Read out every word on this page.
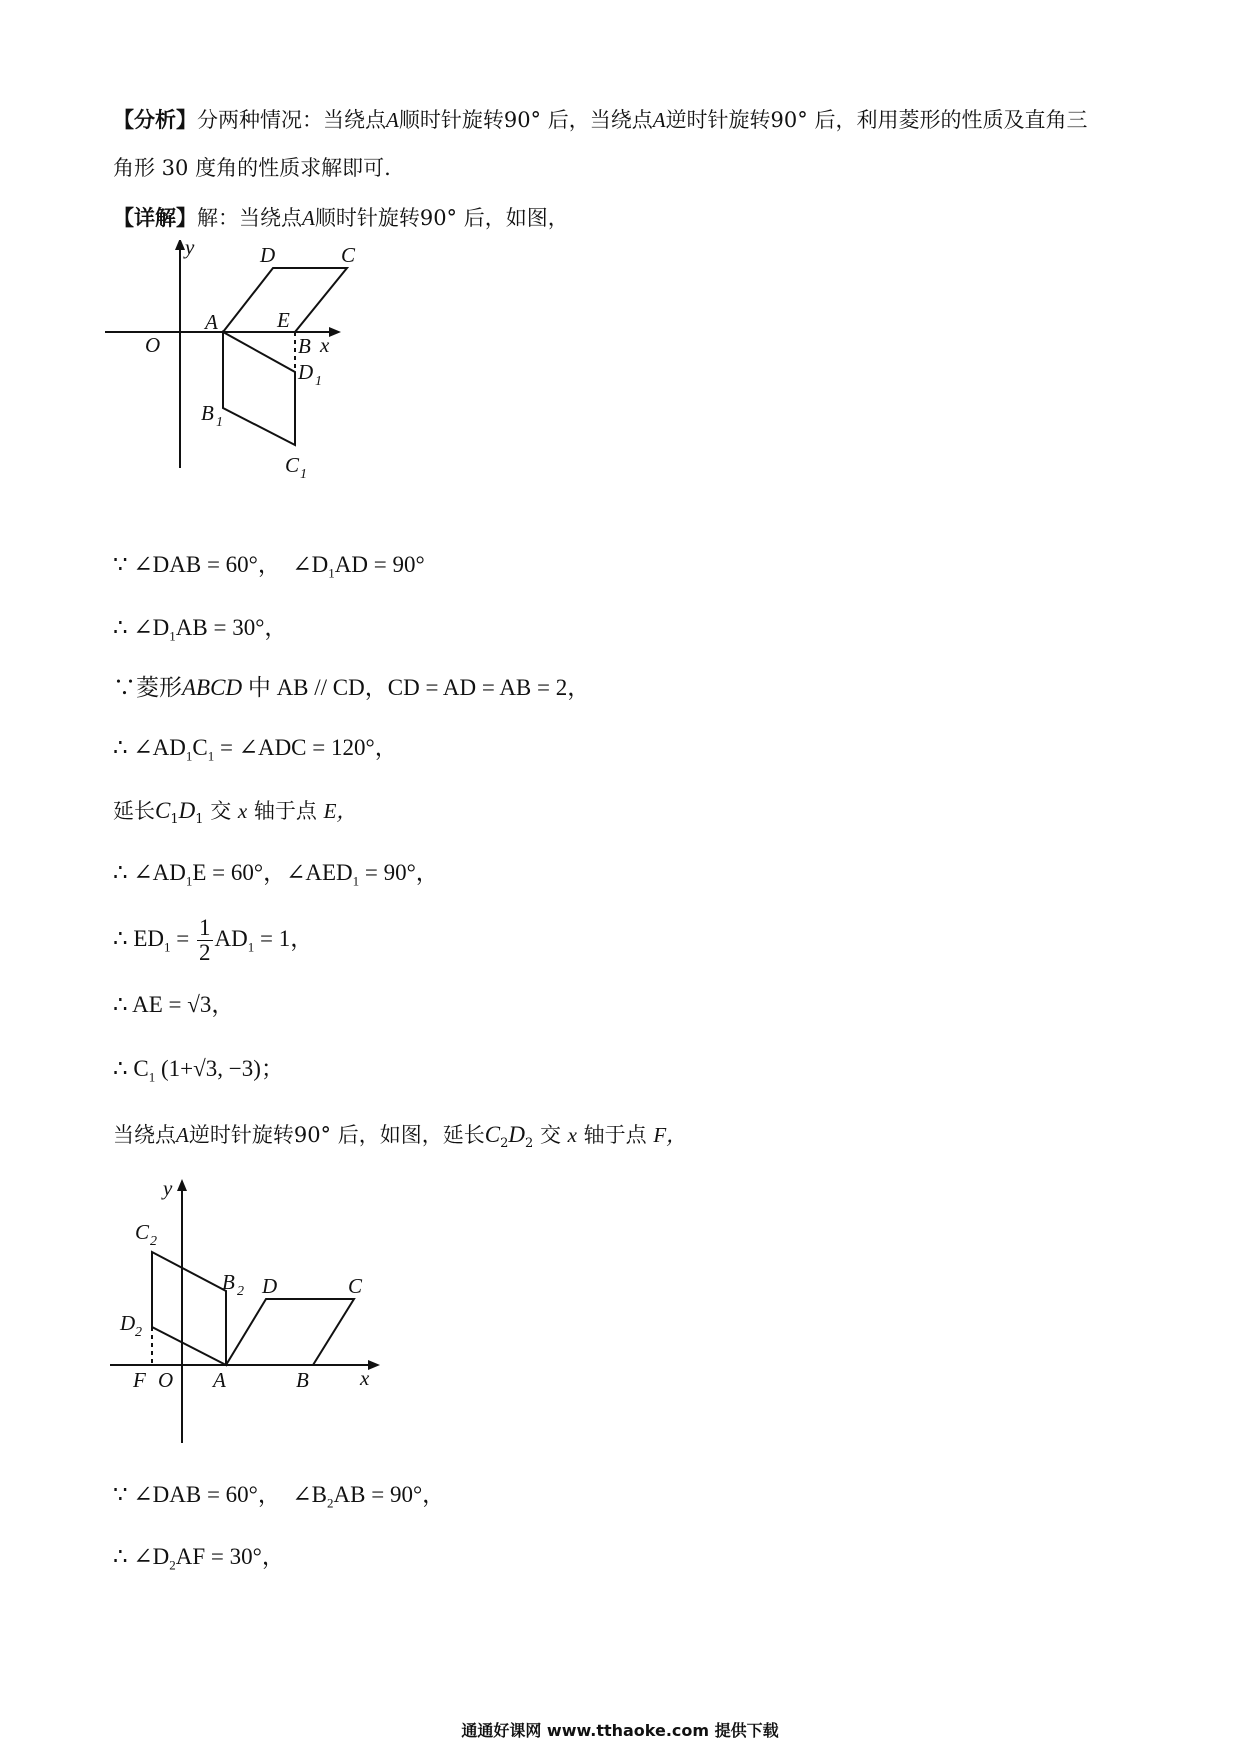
【分析】分两种情况：当绕点A顺时针旋转90° 后，当绕点A逆时针旋转90° 后，利用菱形的性质及直角三
角形 30 度角的性质求解即可.
【详解】解：当绕点A顺时针旋转90° 后，如图，
O
y
x
A
D	C
E
B
D 1
B 1
C 1
∵ ∠DAB = 60°， $\angle D_1AD = 90^\circ$
∴ $\angle D_1AB = 30^\circ$，
∵菱形ABCD 中 AB // CD，CD = AD = AB = 2，
∴ $\angle AD_1C_1$ = ∠ADC = 120°，
延长$C_1D_1$ 交 x 轴于点 E，
∴ $\angle AD_1E = 60^\circ$，$\angle AED_1 = 90^\circ$，
∴ $ED_1 = \frac{1}{2} AD_1 = 1$，
∴ AE = √3，
∴ $C_1$ (1+√3, −3)；
当绕点A逆时针旋转90° 后，如图，延长$C_2D_2$ 交 x 轴于点 F，
y
x
C 2
B 2 D	C
D 2
F O A	B
∵ ∠DAB = 60°， $\angle B_2AB = 90^\circ$，
∴ $\angle D_2AF = 30^\circ$，
通通好课网 www.tthaoke.com 提供下载
